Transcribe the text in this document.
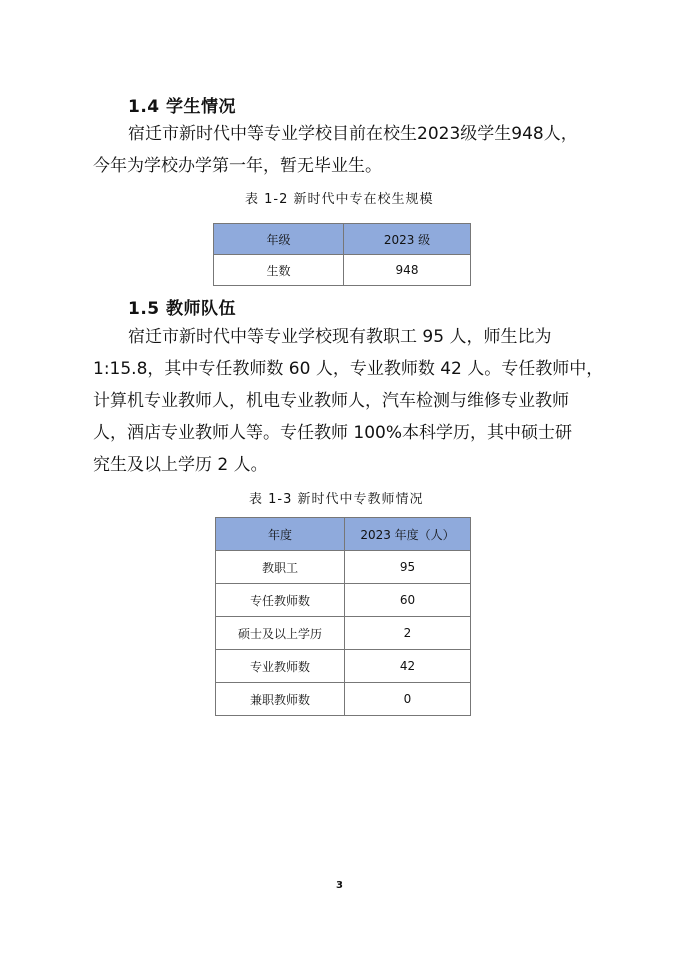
1.4 学生情况
宿迁市新时代中等专业学校目前在校生2023级学生948人，
今年为学校办学第一年，暂无毕业生。
表 1-2 新时代中专在校生规模
年级	2023 级
生数	948
1.5 教师队伍
宿迁市新时代中等专业学校现有教职工 95 人，师生比为
1:15.8，其中专任教师数 60 人，专业教师数 42 人。专任教师中，
计算机专业教师人，机电专业教师人，汽车检测与维修专业教师
人，酒店专业教师人等。专任教师 100%本科学历，其中硕士研
究生及以上学历 2 人。
表 1-3 新时代中专教师情况
年度	2023 年度（人）
教职工	95
专任教师数	60
硕士及以上学历	2
专业教师数	42
兼职教师数	0
3
